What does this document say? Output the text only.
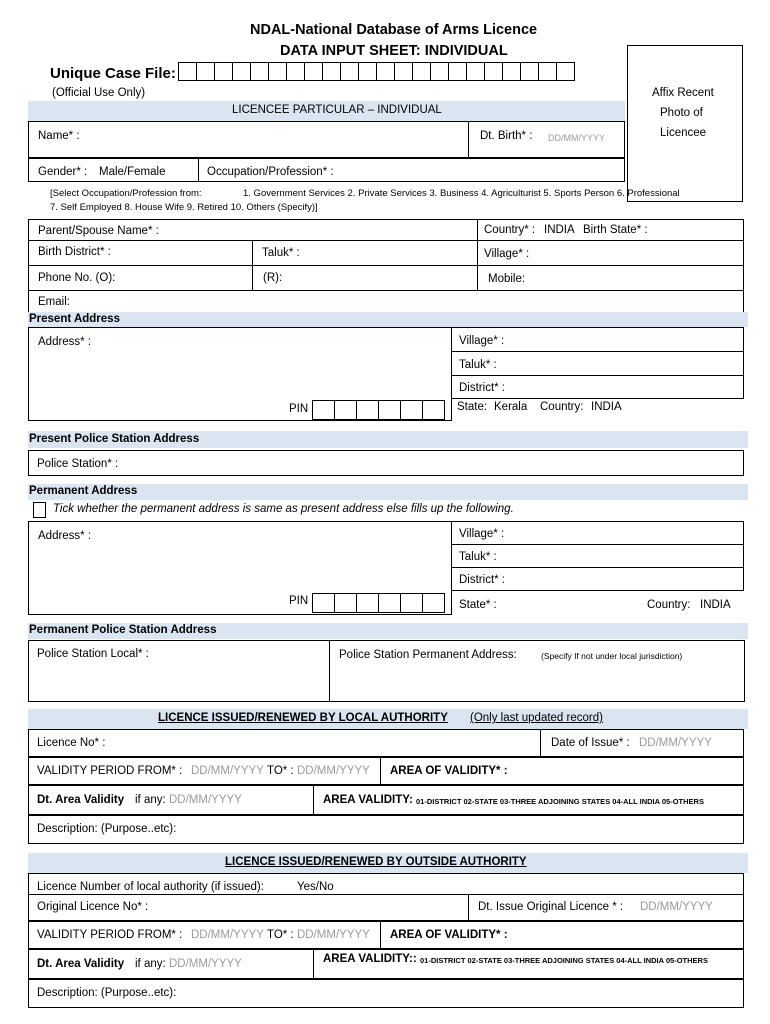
NDAL-National Database of Arms Licence
DATA INPUT SHEET: INDIVIDUAL
Unique Case File:
(Official Use Only)	Affix Recent
Photo of
Licencee
LICENCEE PARTICULAR – INDIVIDUAL
Name* :	Dt. Birth* : DD/MM/YYYY
Gender* : Male/Female	Occupation/Profession* :
[Select Occupation/Profession from:	1. Government Services 2. Private Services 3. Business 4. Agriculturist 5. Sports Person 6. Professional
7. Self Employed 8. House Wife 9. Retired 10. Others (Specify)]
Parent/Spouse Name* :	Country* : INDIA Birth State* :
Birth District* :	Taluk* :	Village* :
Phone No. (O):	(R):	Mobile:
Email:
Present Address
Address* :
PIN
Village* :
Taluk* :
District* :
State: Kerala Country: INDIA
Present Police Station Address
Police Station* :
Permanent Address
Tick whether the permanent address is same as present address else fills up the following.
Address* :
PIN
Village* :
Taluk* :
District* :
State* :	Country: INDIA
Permanent Police Station Address
Police Station Local* :	Police Station Permanent Address:	(Specify If not under local jurisdiction)
LICENCE ISSUED/RENEWED BY LOCAL AUTHORITY (Only last updated record)
Licence No* :	Date of Issue* : DD/MM/YYYY
VALIDITY PERIOD FROM* : DD/MM/YYYY TO* : DD/MM/YYYY AREA OF VALIDITY* :
Dt. Area Validity if any: DD/MM/YYYY	AREA VALIDITY: 01-DISTRICT 02-STATE 03-THREE ADJOINING STATES 04-ALL INDIA 05-OTHERS
Description: (Purpose..etc):
LICENCE ISSUED/RENEWED BY OUTSIDE AUTHORITY
Licence Number of local authority (if issued):	Yes/No
Original Licence No* :	Dt. Issue Original Licence * : DD/MM/YYYY
VALIDITY PERIOD FROM* : DD/MM/YYYY TO* : DD/MM/YYYY AREA OF VALIDITY* :
Dt. Area Validity if any: DD/MM/YYYY	AREA VALIDITY:: 01-DISTRICT 02-STATE 03-THREE ADJOINING STATES 04-ALL INDIA 05-OTHERS
Description: (Purpose..etc):
